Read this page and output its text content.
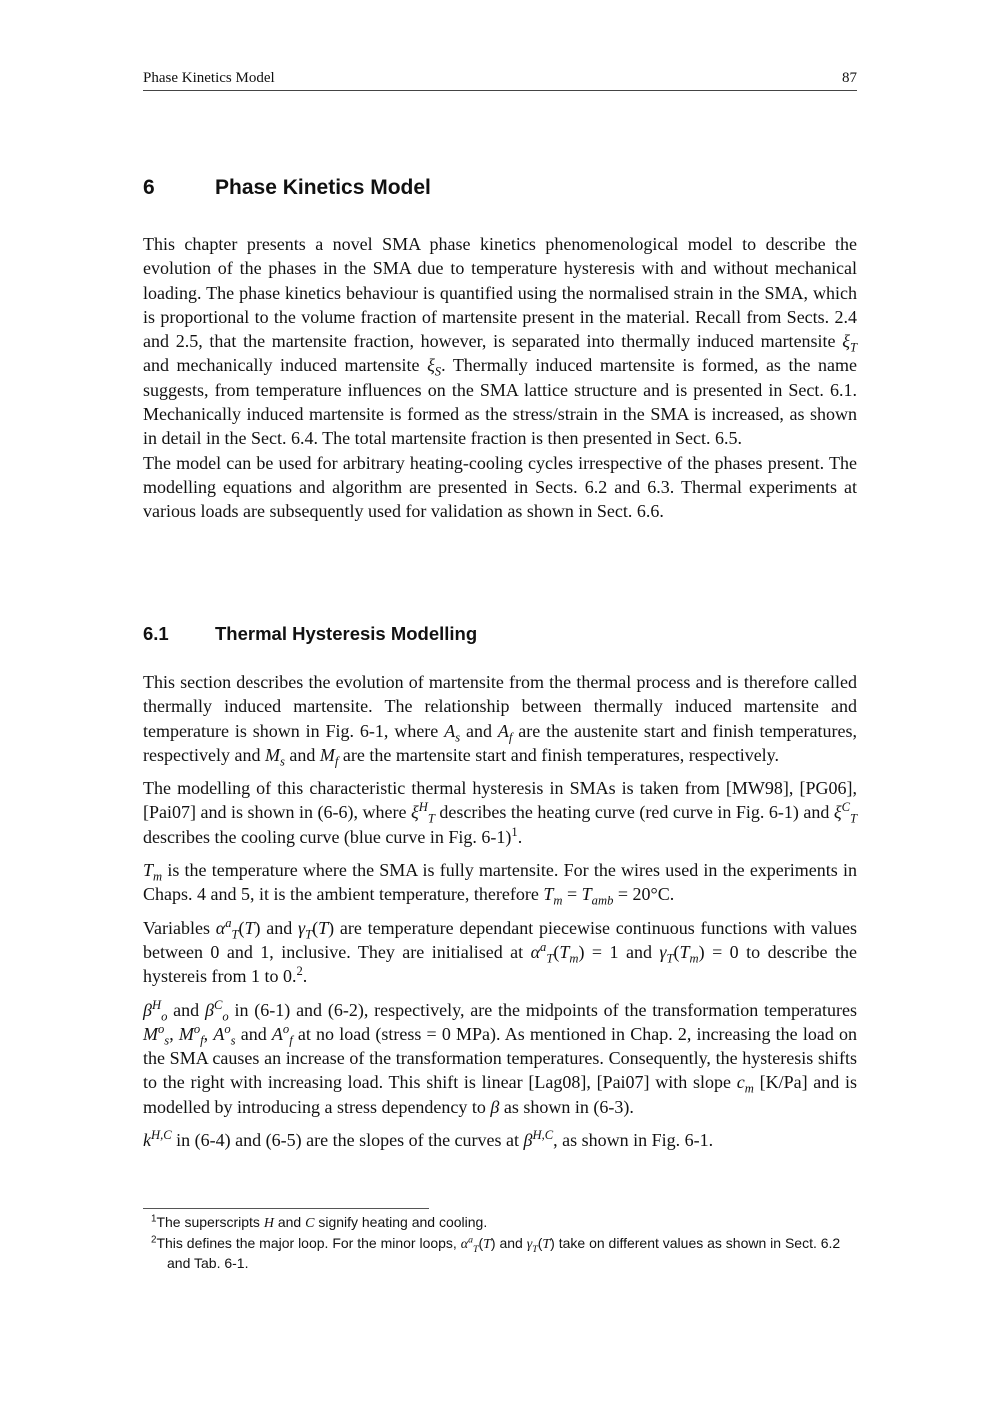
Phase Kinetics Model	87
6	Phase Kinetics Model

This chapter presents a novel SMA phase kinetics phenomenological model to describe the evolution of the phases in the SMA due to temperature hysteresis with and without mechanical loading. The phase kinetics behaviour is quantified using the normalised strain in the SMA, which is proportional to the volume fraction of martensite present in the material. Recall from Sects. 2.4 and 2.5, that the martensite fraction, however, is separated into thermally induced martensite $\xi_T$ and mechanically induced martensite $\xi_S$. Thermally induced martensite is formed, as the name suggests, from temperature influences on the SMA lattice structure and is presented in Sect. 6.1. Mechanically induced martensite is formed as the stress/strain in the SMA is increased, as shown in detail in the Sect. 6.4. The total martensite fraction is then presented in Sect. 6.5.

The model can be used for arbitrary heating-cooling cycles irrespective of the phases present. The modelling equations and algorithm are presented in Sects. 6.2 and 6.3. Thermal experiments at various loads are subsequently used for validation as shown in Sect. 6.6.

6.1	Thermal Hysteresis Modelling

This section describes the evolution of martensite from the thermal process and is therefore called thermally induced martensite. The relationship between thermally induced martensite and temperature is shown in Fig. 6-1, where $A_s$ and $A_f$ are the austenite start and finish temperatures, respectively and $M_s$ and $M_f$ are the martensite start and finish temperatures, respectively.

The modelling of this characteristic thermal hysteresis in SMAs is taken from [MW98], [PG06], [Pai07] and is shown in (6-6), where $\xi^H_T$ describes the heating curve (red curve in Fig. 6-1) and $\xi^C_T$ describes the cooling curve (blue curve in Fig. 6-1)$^1$.

$T_m$ is the temperature where the SMA is fully martensite. For the wires used in the experiments in Chaps. 4 and 5, it is the ambient temperature, therefore $T_m = T_{amb} = 20^\circ C$.

Variables $\alpha^a_T(T)$ and $\gamma_T(T)$ are temperature dependant piecewise continuous functions with values between 0 and 1, inclusive. They are initialised at $\alpha^a_T(T_m) = 1$ and $\gamma_T(T_m) = 0$ to describe the hystereis from 1 to 0.$^2$.

$\beta^H_o$ and $\beta^C_o$ in (6-1) and (6-2), respectively, are the midpoints of the transformation temperatures $M^o_s$, $M^o_f$, $A^o_s$ and $A^o_f$ at no load (stress = 0 MPa). As mentioned in Chap. 2, increasing the load on the SMA causes an increase of the transformation temperatures. Consequently, the hysteresis shifts to the right with increasing load. This shift is linear [Lag08], [Pai07] with slope $c_m$ [K/Pa] and is modelled by introducing a stress dependency to β as shown in (6-3).

$k^{H,C}$ in (6-4) and (6-5) are the slopes of the curves at $\beta^{H,C}$, as shown in Fig. 6-1.

$^1$The superscripts H and C signify heating and cooling.

$^2$This defines the major loop. For the minor loops, $\alpha^a_T(T)$ and $\gamma_T(T)$ take on different values as shown in Sect. 6.2 and Tab. 6-1.
